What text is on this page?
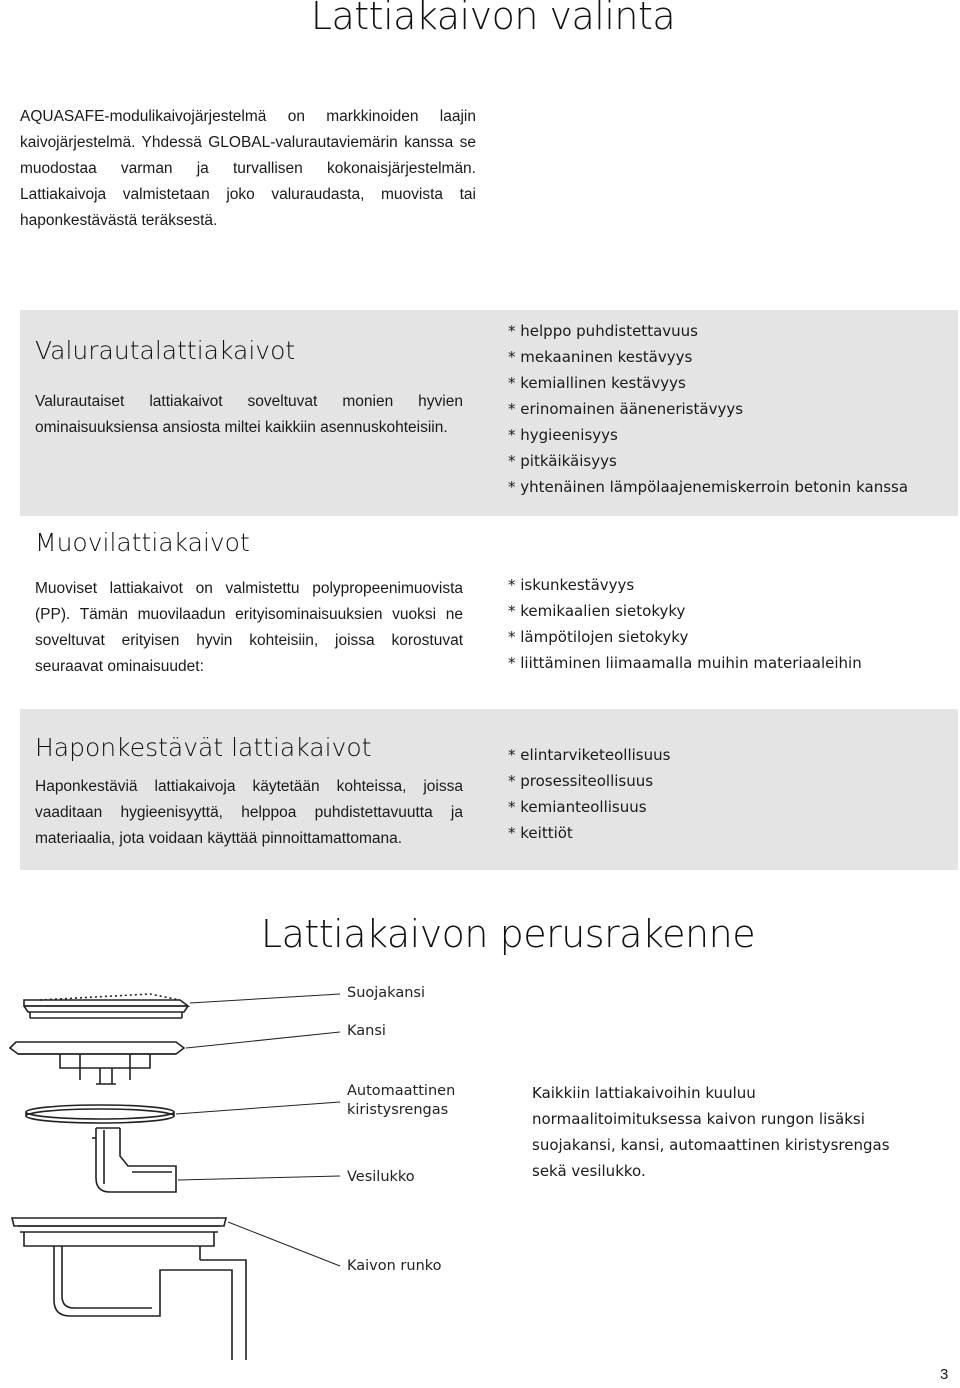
Lattiakaivon valinta

AQUASAFE-modulikaivojärjestelmä on markkinoiden laajin kaivojärjestelmä. Yhdessä GLOBAL-valurautaviemärin kanssa se muodostaa varman ja turvallisen kokonaisjärjestelmän. Lattiakaivoja valmistetaan joko valuraudasta, muovista tai haponkestävästä teräksestä.

Valurautalattiakaivot

Valurautaiset lattiakaivot soveltuvat monien hyvien ominaisuuksiensa ansiosta miltei kaikkiin asennuskohteisiin.

* helppo puhdistettavuus
* mekaaninen kestävyys
* kemiallinen kestävyys
* erinomainen ääneneristävyys
* hygieenisyys
* pitkäikäisyys
* yhtenäinen lämpölaajenemiskerroin betonin kanssa
Muovilattiakaivot

Muoviset lattiakaivot on valmistettu polypropeenimuovista (PP). Tämän muovilaadun erityisominaisuuksien vuoksi ne soveltuvat erityisen hyvin kohteisiin, joissa korostuvat seuraavat ominaisuudet:

* iskunkestävyys
* kemikaalien sietokyky
* lämpötilojen sietokyky
* liittäminen liimaamalla muihin materiaaleihin
Haponkestävät lattiakaivot

Haponkestäviä lattiakaivoja käytetään kohteissa, joissa vaaditaan hygieenisyyttä, helppoa puhdistettavuutta ja materiaalia, jota voidaan käyttää pinnoittamattomana.

* elintarviketeollisuus
* prosessiteollisuus
* kemianteollisuus
* keittiöt
Lattiakaivon perusrakenne
Suojakansi
Kansi
Automaattinen
kiristysrengas
Vesilukko
Kaivon runko
Kaikkiin lattiakaivoihin kuuluu normaalitoimituksessa kaivon rungon lisäksi suojakansi, kansi, automaattinen kiristysrengas sekä vesilukko.
3
